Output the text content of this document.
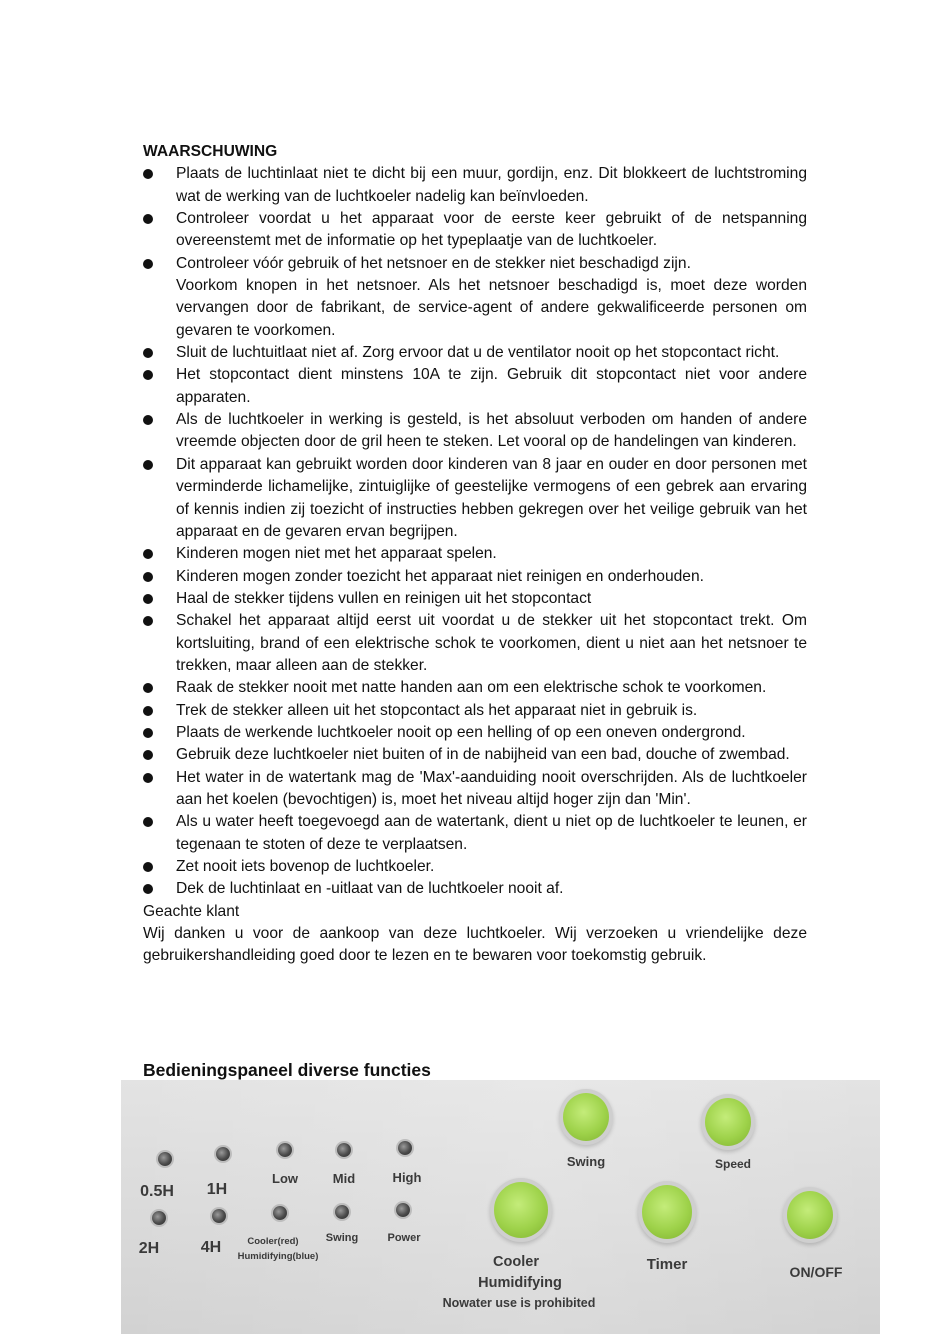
WAARSCHUWING

Plaats de luchtinlaat niet te dicht bij een muur, gordijn, enz. Dit blokkeert de luchtstroming wat de werking van de luchtkoeler nadelig kan beïnvloeden.
Controleer voordat u het apparaat voor de eerste keer gebruikt of de netspanning overeenstemt met de informatie op het typeplaatje van de luchtkoeler.
Controleer vóór gebruik of het netsnoer en de stekker niet beschadigd zijn.
Voorkom knopen in het netsnoer. Als het netsnoer beschadigd is, moet deze worden vervangen door de fabrikant, de service-agent of andere gekwalificeerde personen om gevaren te voorkomen.
Sluit de luchtuitlaat niet af. Zorg ervoor dat u de ventilator nooit op het stopcontact richt.
Het stopcontact dient minstens 10A te zijn. Gebruik dit stopcontact niet voor andere apparaten.
Als de luchtkoeler in werking is gesteld, is het absoluut verboden om handen of andere vreemde objecten door de gril heen te steken. Let vooral op de handelingen van kinderen.
Dit apparaat kan gebruikt worden door kinderen van 8 jaar en ouder en door personen met verminderde lichamelijke, zintuiglijke of geestelijke vermogens of een gebrek aan ervaring of kennis indien zij toezicht of instructies hebben gekregen over het veilige gebruik van het apparaat en de gevaren ervan begrijpen.
Kinderen mogen niet met het apparaat spelen.
Kinderen mogen zonder toezicht het apparaat niet reinigen en onderhouden.
Haal de stekker tijdens vullen en reinigen uit het stopcontact
Schakel het apparaat altijd eerst uit voordat u de stekker uit het stopcontact trekt. Om kortsluiting, brand of een elektrische schok te voorkomen, dient u niet aan het netsnoer te trekken, maar alleen aan de stekker.
Raak de stekker nooit met natte handen aan om een elektrische schok te voorkomen.
Trek de stekker alleen uit het stopcontact als het apparaat niet in gebruik is.
Plaats de werkende luchtkoeler nooit op een helling of op een oneven ondergrond.
Gebruik deze luchtkoeler niet buiten of in de nabijheid van een bad, douche of zwembad.
Het water in de watertank mag de 'Max'-aanduiding nooit overschrijden. Als de luchtkoeler aan het koelen (bevochtigen) is, moet het niveau altijd hoger zijn dan 'Min'.
Als u water heeft toegevoegd aan de watertank, dient u niet op de luchtkoeler te leunen, er tegenaan te stoten of deze te verplaatsen.
Zet nooit iets bovenop de luchtkoeler.
Dek de luchtinlaat en -uitlaat van de luchtkoeler nooit af.

Geachte klant

Wij danken u voor de aankoop van deze luchtkoeler. Wij verzoeken u vriendelijke deze gebruikershandleiding goed door te lezen en te bewaren voor toekomstig gebruik.

Bedieningspaneel diverse functies
0.5H 1H
2H	4H
Low	Mid	High
Cooler(red)
Humidifying(blue)
Swing	Power
Swing	Speed
Cooler
Humidifying
Nowater use is prohibited
Timer	ON/OFF
